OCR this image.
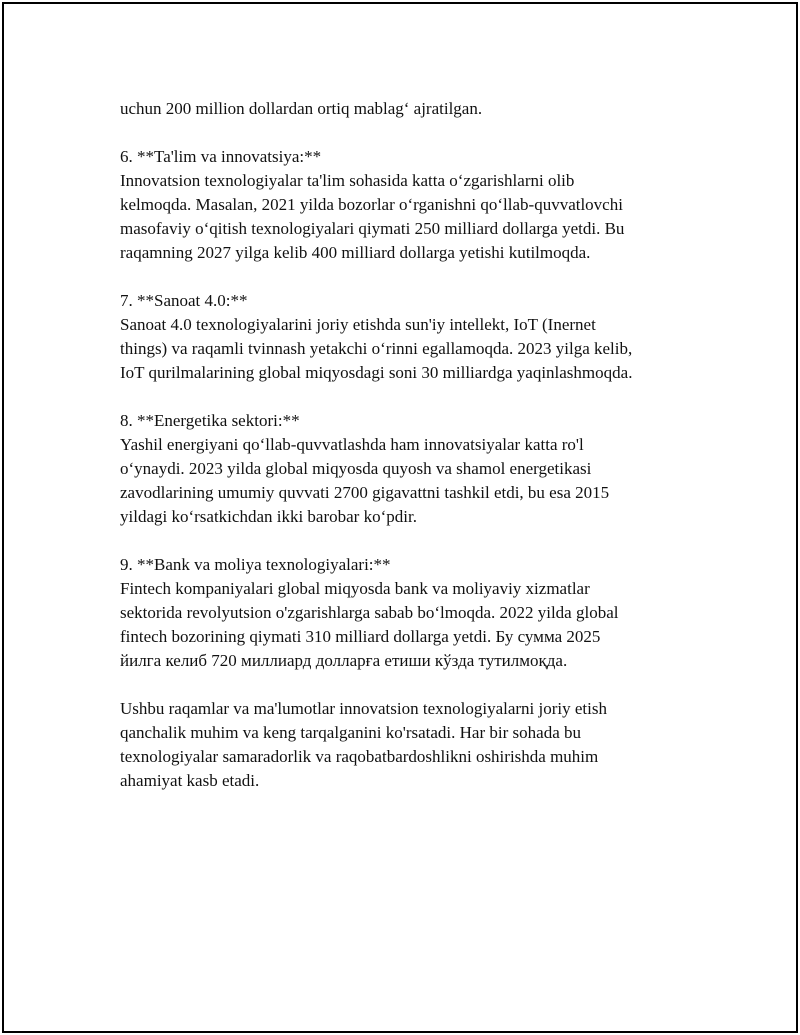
uchun 200 million dollardan ortiq mablag‘ ajratilgan.

6. **Ta'lim va innovatsiya:**

Innovatsion texnologiyalar ta'lim sohasida katta o‘zgarishlarni olib
kelmoqda. Masalan, 2021 yilda bozorlar o‘rganishni qo‘llab-quvvatlovchi
masofaviy o‘qitish texnologiyalari qiymati 250 milliard dollarga yetdi. Bu
raqamning 2027 yilga kelib 400 milliard dollarga yetishi kutilmoqda.

7. **Sanoat 4.0:**

Sanoat 4.0 texnologiyalarini joriy etishda sun'iy intellekt, IoT (Inernet
things) va raqamli tvinnash yetakchi o‘rinni egallamoqda. 2023 yilga kelib,
IoT qurilmalarining global miqyosdagi soni 30 milliardga yaqinlashmoqda.

8. **Energetika sektori:**

Yashil energiyani qo‘llab-quvvatlashda ham innovatsiyalar katta ro'l
o‘ynaydi. 2023 yilda global miqyosda quyosh va shamol energetikasi
zavodlarining umumiy quvvati 2700 gigavattni tashkil etdi, bu esa 2015
yildagi ko‘rsatkichdan ikki barobar ko‘pdir.

9. **Bank va moliya texnologiyalari:**

Fintech kompaniyalari global miqyosda bank va moliyaviy xizmatlar
sektorida revolyutsion o'zgarishlarga sabab bo‘lmoqda. 2022 yilda global
fintech bozorining qiymati 310 milliard dollarga yetdi. Бу сумма 2025
йилга келиб 720 миллиард долларға етиши кўзда тутилмоқда.

Ushbu raqamlar va ma'lumotlar innovatsion texnologiyalarni joriy etish
qanchalik muhim va keng tarqalganini ko'rsatadi. Har bir sohada bu
texnologiyalar samaradorlik va raqobatbardoshlikni oshirishda muhim
ahamiyat kasb etadi.
